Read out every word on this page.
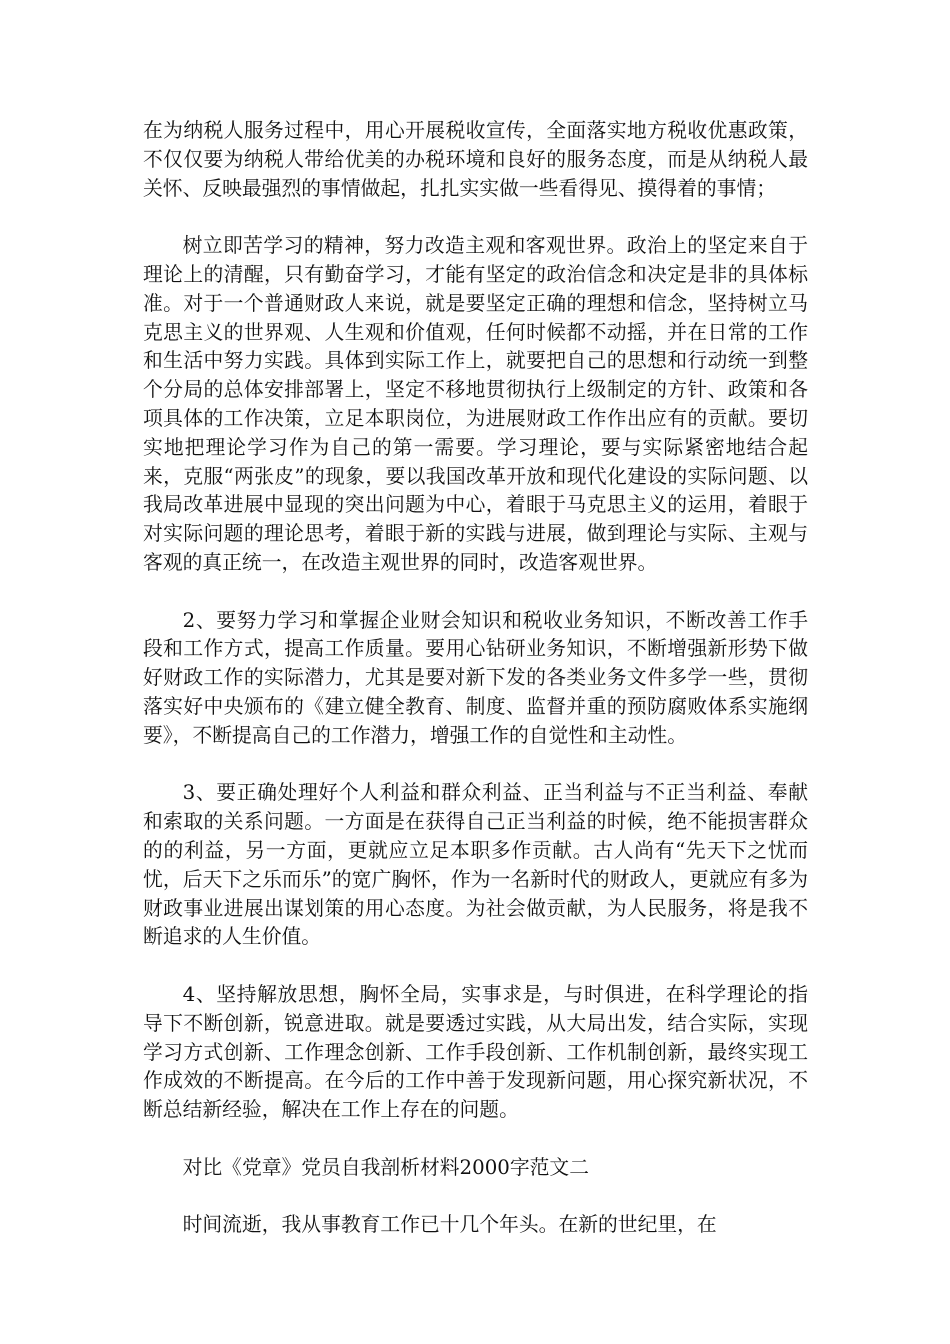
在为纳税人服务过程中，用心开展税收宣传，全面落实地方税收优惠政策，不仅仅要为纳税人带给优美的办税环境和良好的服务态度，而是从纳税人最关怀、反映最强烈的事情做起，扎扎实实做一些看得见、摸得着的事情；

树立即苦学习的精神，努力改造主观和客观世界。政治上的坚定来自于理论上的清醒，只有勤奋学习，才能有坚定的政治信念和决定是非的具体标准。对于一个普通财政人来说，就是要坚定正确的理想和信念，坚持树立马克思主义的世界观、人生观和价值观，任何时候都不动摇，并在日常的工作和生活中努力实践。具体到实际工作上，就要把自己的思想和行动统一到整个分局的总体安排部署上，坚定不移地贯彻执行上级制定的方针、政策和各项具体的工作决策，立足本职岗位，为进展财政工作作出应有的贡献。要切实地把理论学习作为自己的第一需要。学习理论，要与实际紧密地结合起来，克服“两张皮”的现象，要以我国改革开放和现代化建设的实际问题、以我局改革进展中显现的突出问题为中心，着眼于马克思主义的运用，着眼于对实际问题的理论思考，着眼于新的实践与进展，做到理论与实际、主观与客观的真正统一，在改造主观世界的同时，改造客观世界。

2、要努力学习和掌握企业财会知识和税收业务知识，不断改善工作手段和工作方式，提高工作质量。要用心钻研业务知识，不断增强新形势下做好财政工作的实际潜力，尤其是要对新下发的各类业务文件多学一些，贯彻落实好中央颁布的《建立健全教育、制度、监督并重的预防腐败体系实施纲要》，不断提高自己的工作潜力，增强工作的自觉性和主动性。

3、要正确处理好个人利益和群众利益、正当利益与不正当利益、奉献和索取的关系问题。一方面是在获得自己正当利益的时候，绝不能损害群众的的利益，另一方面，更就应立足本职多作贡献。古人尚有“先天下之忧而忧，后天下之乐而乐”的宽广胸怀，作为一名新时代的财政人，更就应有多为财政事业进展出谋划策的用心态度。为社会做贡献，为人民服务，将是我不断追求的人生价值。

4、坚持解放思想，胸怀全局，实事求是，与时俱进，在科学理论的指导下不断创新，锐意进取。就是要透过实践，从大局出发，结合实际，实现学习方式创新、工作理念创新、工作手段创新、工作机制创新，最终实现工作成效的不断提高。在今后的工作中善于发现新问题，用心探究新状况，不断总结新经验，解决在工作上存在的问题。

对比《党章》党员自我剖析材料2000字范文二

时间流逝，我从事教育工作已十几个年头。在新的世纪里，在
